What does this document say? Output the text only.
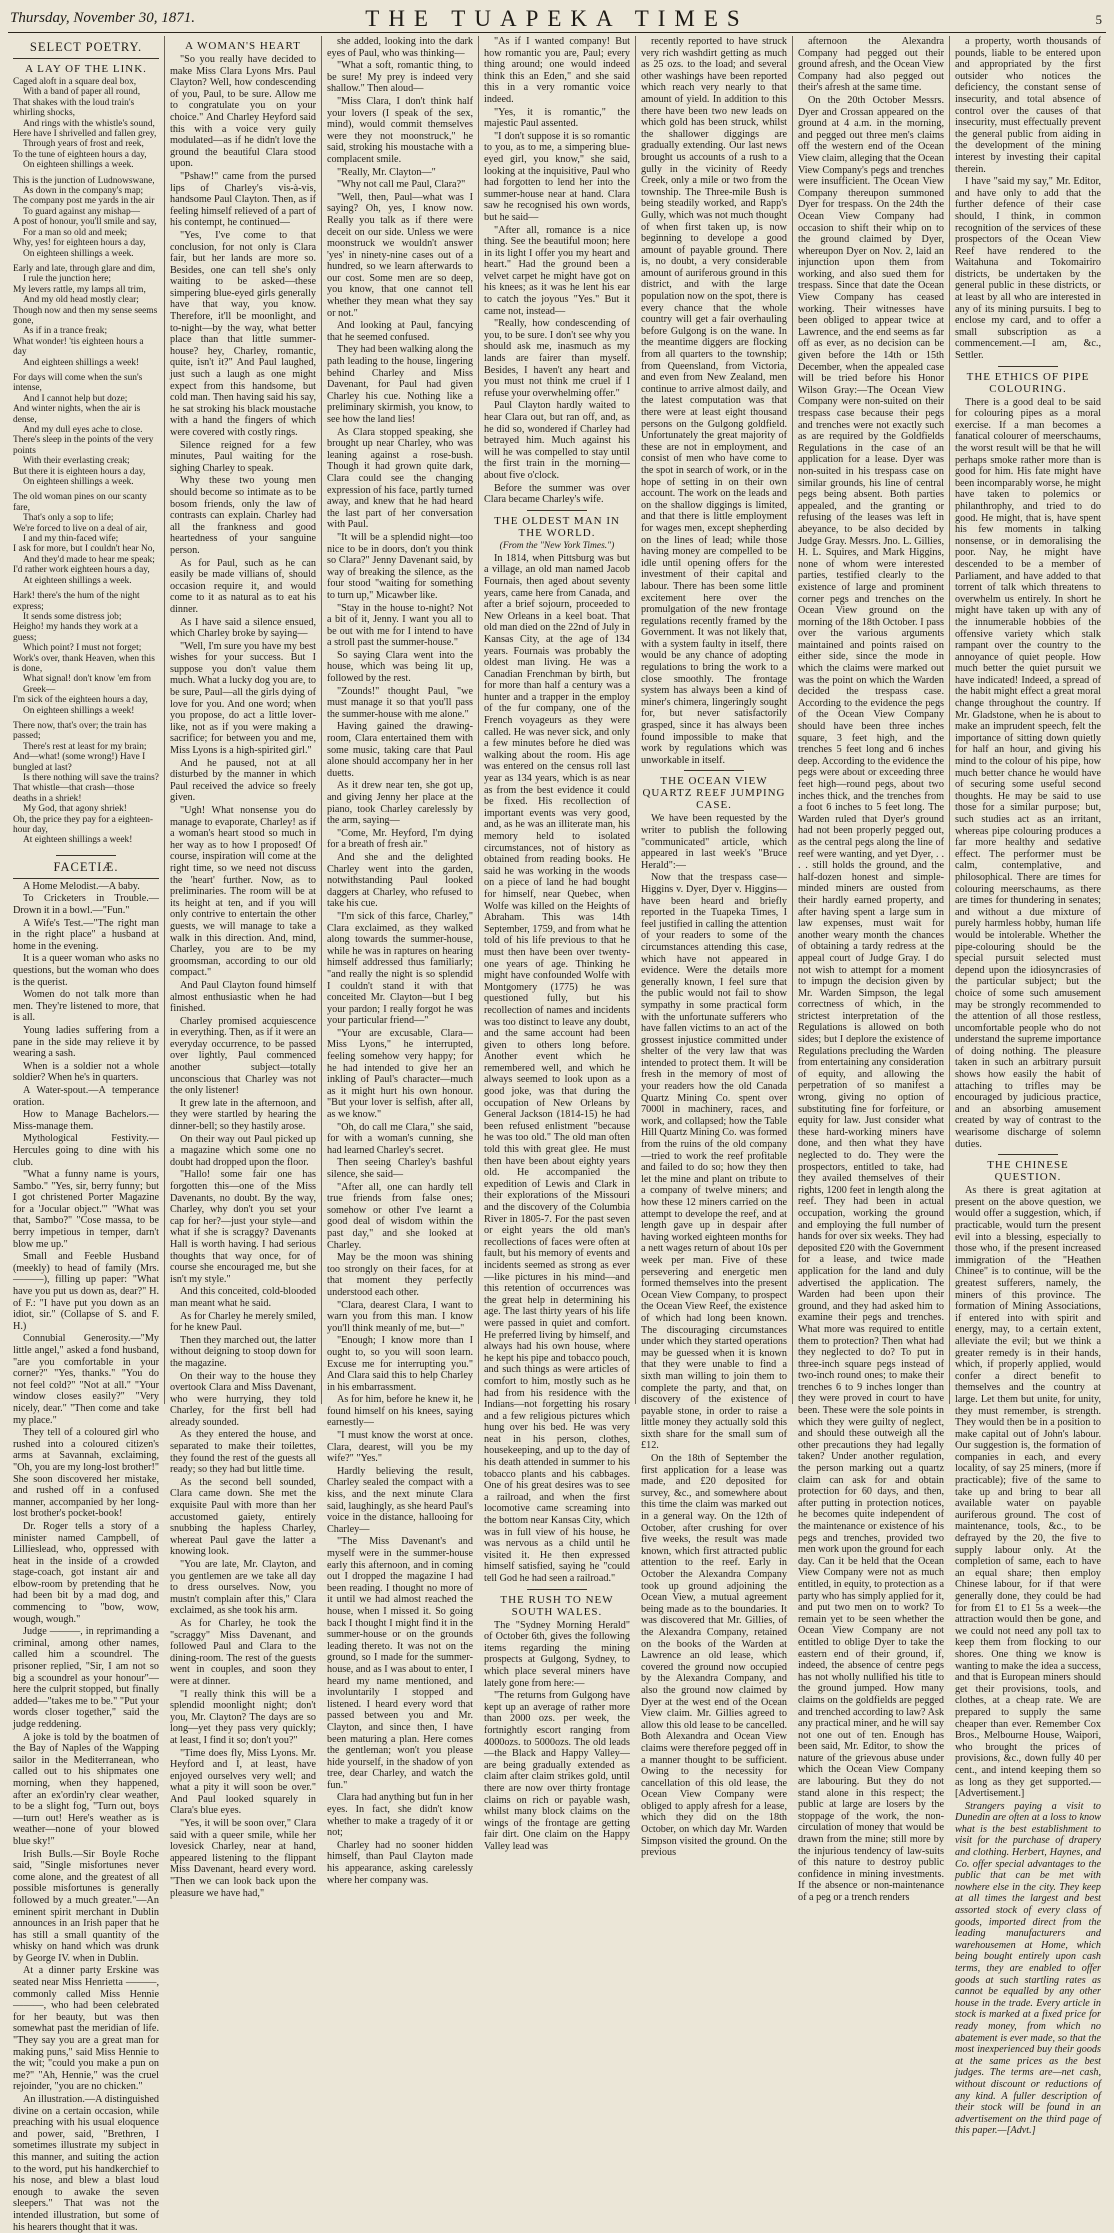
Thursday, November 30, 1871.	THE TUAPEKA TIMES	5
SELECT POETRY.
A LAY OF THE LINK.

Caged aloft in a square deal box,

With a band of paper all round,

That shakes with the loud train's whirling shocks,

And rings with the whistle's sound,

Here have I shrivelled and fallen grey,

Through years of frost and reek,

To the tune of eighteen hours a day,

On eighteen shillings a week.

This is the junction of Ludnowswane,

As down in the company's map;

The company post me yards in the air

To guard against any mishap—

A post of honour, you'll smile and say,

For a man so old and meek;

Why, yes! for eighteen hours a day,

On eighteen shillings a week.

Early and late, through glare and dim,

I rule the junction here;

My levers rattle, my lamps all trim,

And my old head mostly clear;

Though now and then my sense seems gone,

As if in a trance freak;

What wonder! 'tis eighteen hours a day

And eighteen shillings a week!

For days will come when the sun's intense,

And I cannot help but doze;

And winter nights, when the air is dense,

And my dull eyes ache to close.

There's sleep in the points of the very points

With their everlasting creak;

But there it is eighteen hours a day,

On eighteen shillings a week.

The old woman pines on our scanty fare,

That's only a sop to life;

We're forced to live on a deal of air,

I and my thin-faced wife;

I ask for more, but I couldn't hear No,

And they'd made to hear me speak;

I'd rather work eighteen hours a day,

At eighteen shillings a week.

Hark! there's the hum of the night express;

It sends some distress job;

Heigho! my hands they work at a guess;

Which point? I must not forget;

Work's over, thank Heaven, when this is done,

What signal! don't know 'em from Greek—

I'm sick of the eighteen hours a day,

On eighteen shillings a week!

There now, that's over; the train has passed;

There's rest at least for my brain;

And—what! (some wrong!) Have I bungled at last?

Is there nothing will save the trains?

That whistle—that crash—those deaths in a shriek!

My God, that agony shriek!

Oh, the price they pay for a eighteen-hour day,

At eighteen shillings a week!

FACETIÆ.

A Home Melodist.—A baby.

To Cricketers in Trouble.—Drown it in a bowl.—"Fun."

A Wife's Test.—"The right man in the right place" a husband at home in the evening.

It is a queer woman who asks no questions, but the woman who does is the querist.

Women do not talk more than men. They're listened to more, that is all.

Young ladies suffering from a pane in the side may relieve it by wearing a sash.

When is a soldier not a whole soldier? When he's in quarters.

A Water-spout.—A temperance oration.

How to Manage Bachelors.—Miss-manage them.

Mythological Festivity.—Hercules going to dine with his club.

"What a funny name is yours, Sambo." "Yes, sir, berry funny; but I got christened Porter Magazine for a 'Jocular object.'" "What was that, Sambo?" "Cose massa, to be berry impetious in temper, darn't blow me up."

Small and Feeble Husband (meekly) to head of family (Mrs. ———), filling up paper: "What have you put us down as, dear?" H. of F.: "I have put you down as an idiot, sir." (Collapse of S. and F. H.)

Connubial Generosity.—"My little angel," asked a fond husband, "are you comfortable in your corner?" "Yes, thanks." "You do not feel cold?" "Not at all." "Your window closes easily?" "Very nicely, dear." "Then come and take my place."

They tell of a coloured girl who rushed into a coloured citizen's arms at Savannah, exclaiming, "Oh, you are my long-lost brother!" She soon discovered her mistake, and rushed off in a confused manner, accompanied by her long-lost brother's pocket-book!

Dr. Roger tells a story of a minister named Campbell, of Lillieslead, who, oppressed with heat in the inside of a crowded stage-coach, got instant air and elbow-room by pretending that he had been bit by a mad dog, and commencing to "bow, wow, wough, wough."

Judge ———, in reprimanding a criminal, among other names, called him a scoundrel. The prisoner replied, "Sir, I am not so big a scoundrel as your honour"—here the culprit stopped, but finally added—"takes me to be." "Put your words closer together," said the judge reddening.

A joke is told by the boatmen of the Bay of Naples of the Wapping sailor in the Mediterranean, who called out to his shipmates one morning, when they happened, after an ex'ordin'ry clear weather, to be a slight fog, "Turn out, boys—turn out! Here's weather as is weather—none of your blowed blue sky!"

Irish Bulls.—Sir Boyle Roche said, "Single misfortunes never come alone, and the greatest of all possible misfortunes is generally followed by a much greater."—An eminent spirit merchant in Dublin announces in an Irish paper that he has still a small quantity of the whisky on hand which was drunk by George IV. when in Dublin.

At a dinner party Erskine was seated near Miss Henrietta ———, commonly called Miss Hennie ———, who had been celebrated for her beauty, but was then somewhat past the meridian of life. "They say you are a great man for making puns," said Miss Hennie to the wit; "could you make a pun on me?" "Ah, Hennie," was the cruel rejoinder, "you are no chicken."

An illustration.—A distinguished divine on a certain occasion, while preaching with his usual eloquence and power, said, "Brethren, I sometimes illustrate my subject in this manner, and suiting the action to the word, put his handkerchief to his nose, and blew a blast loud enough to awake the seven sleepers." That was not the intended illustration, but some of his hearers thought that it was.

A WOMAN'S HEART

"So you really have decided to make Miss Clara Lyons Mrs. Paul Clayton? Well, how condescending of you, Paul, to be sure. Allow me to congratulate you on your choice." And Charley Heyford said this with a voice very guily modulated—as if he didn't love the ground the beautiful Clara stood upon.

"Pshaw!" came from the pursed lips of Charley's vis-à-vis, handsome Paul Clayton. Then, as if feeling himself relieved of a part of his contempt, he continued—

"Yes, I've come to that conclusion, for not only is Clara fair, but her lands are more so. Besides, one can tell she's only waiting to be asked—these simpering blue-eyed girls generally have that way, you know. Therefore, it'll be moonlight, and to-night—by the way, what better place than that little summer-house? hey, Charley, romantic, quite, isn't it?" And Paul laughed, just such a laugh as one might expect from this handsome, but cold man. Then having said his say, he sat stroking his black moustache with a hand the fingers of which were covered with costly rings.

Silence reigned for a few minutes, Paul waiting for the sighing Charley to speak.

Why these two young men should become so intimate as to be bosom friends, only the law of contrasts can explain. Charley had all the frankness and good heartedness of your sanguine person.

As for Paul, such as he can easily be made villians of, should occasion require it, and would come to it as natural as to eat his dinner.

As I have said a silence ensued, which Charley broke by saying—

"Well, I'm sure you have my best wishes for your success. But I suppose you don't value them much. What a lucky dog you are, to be sure, Paul—all the girls dying of love for you. And one word; when you propose, do act a little lover-like, not as if you were making a sacrifice; for between you and me, Miss Lyons is a high-spirited girl."

And he paused, not at all disturbed by the manner in which Paul received the advice so freely given.

"Ugh! What nonsense you do manage to evaporate, Charley! as if a woman's heart stood so much in her way as to how I proposed! Of course, inspiration will come at the right time, so we need not discuss the 'heart' further. Now, as to preliminaries. The room will be at its height at ten, and if you will only contrive to entertain the other guests, we will manage to take a walk in this direction. And, mind, Charley, you are to be my groomsman, according to our old compact."

And Paul Clayton found himself almost enthusiastic when he had finished.

Charley promised acquiescence in everything. Then, as if it were an everyday occurrence, to be passed over lightly, Paul commenced another subject—totally unconscious that Charley was not the only listener!

It grew late in the afternoon, and they were startled by hearing the dinner-bell; so they hastily arose.

On their way out Paul picked up a magazine which some one no doubt had dropped upon the floor.

"Hallo! some fair one has forgotten this—one of the Miss Davenants, no doubt. By the way, Charley, why don't you set your cap for her?—just your style—and what if she is scraggy? Davenants Hall is worth having. I had serious thoughts that way once, for of course she encouraged me, but she isn't my style."

And this conceited, cold-blooded man meant what he said.

As for Charley he merely smiled, for he knew Paul.

Then they marched out, the latter without deigning to stoop down for the magazine.

On their way to the house they overtook Clara and Miss Davenant, who were hurrying, they told Charley, for the first bell had already sounded.

As they entered the house, and separated to make their toilettes, they found the rest of the guests all ready; so they had but little time.

As the second bell sounded, Clara came down. She met the exquisite Paul with more than her accustomed gaiety, entirely snubbing the hapless Charley, whereat Paul gave the latter a knowing look.

"You are late, Mr. Clayton, and you gentlemen are we take all day to dress ourselves. Now, you mustn't complain after this," Clara exclaimed, as she took his arm.

As for Charley, he took the "scraggy" Miss Davenant, and followed Paul and Clara to the dining-room. The rest of the guests went in couples, and soon they were at dinner.

"I really think this will be a splendid moonlight night; don't you, Mr. Clayton? The days are so long—yet they pass very quickly; at least, I find it so; don't you?"

"Time does fly, Miss Lyons. Mr. Heyford and I, at least, have enjoyed ourselves very well; and what a pity it will soon be over." And Paul looked squarely in Clara's blue eyes.

"Yes, it will be soon over," Clara said with a queer smile, while her lovesick Charley, near at hand, appeared listening to the flippant Miss Davenant, heard every word. "Then we can look back upon the pleasure we have had,"

she added, looking into the dark eyes of Paul, who was thinking—

"What a soft, romantic thing, to be sure! My prey is indeed very shallow." Then aloud—

"Miss Clara, I don't think half your lovers (I speak of the sex, mind), would commit themselves were they not moonstruck," he said, stroking his moustache with a complacent smile.

"Really, Mr. Clayton—"

"Why not call me Paul, Clara?"

"Well, then, Paul—what was I saying? Oh, yes, I know now. Really you talk as if there were deceit on our side. Unless we were moonstruck we wouldn't answer 'yes' in ninety-nine cases out of a hundred, so we learn afterwards to our cost. Some men are so deep, you know, that one cannot tell whether they mean what they say or not."

And looking at Paul, fancying that he seemed confused.

They had been walking along the path leading to the house, lingering behind Charley and Miss Davenant, for Paul had given Charley his cue. Nothing like a preliminary skirmish, you know, to see how the land lies!

As Clara stopped speaking, she brought up near Charley, who was leaning against a rose-bush. Though it had grown quite dark, Clara could see the changing expression of his face, partly turned away, and knew that he had heard the last part of her conversation with Paul.

"It will be a splendid night—too nice to be in doors, don't you think so Clara?" Jenny Davenant said, by way of breaking the silence, as the four stood "waiting for something to turn up," Micawber like.

"Stay in the house to-night? Not a bit of it, Jenny. I want you all to be out with me for I intend to have a stroll past the summer-house."

So saying Clara went into the house, which was being lit up, followed by the rest.

"Zounds!" thought Paul, "we must manage it so that you'll pass the summer-house with me alone."

Having gained the drawing-room, Clara entertained them with some music, taking care that Paul alone should accompany her in her duetts.

As it drew near ten, she got up, and giving Jenny her place at the piano, took Charley carelessly by the arm, saying—

"Come, Mr. Heyford, I'm dying for a breath of fresh air."

And she and the delighted Charley went into the garden, notwithstanding Paul looked daggers at Charley, who refused to take his cue.

"I'm sick of this farce, Charley," Clara exclaimed, as they walked along towards the summer-house, while he was in raptures on hearing himself addressed thus familiarly; "and really the night is so splendid I couldn't stand it with that conceited Mr. Clayton—but I beg your pardon; I really forgot he was your particular friend—"

"Your are excusable, Clara—Miss Lyons," he interrupted, feeling somehow very happy; for he had intended to give her an inkling of Paul's character—much as it might hurt his own honour. "But your lover is selfish, after all, as we know."

"Oh, do call me Clara," she said, for with a woman's cunning, she had learned Charley's secret.

Then seeing Charley's bashful silence, she said—

"After all, one can hardly tell true friends from false ones; somehow or other I've learnt a good deal of wisdom within the past day," and she looked at Charley.

May be the moon was shining too strongly on their faces, for at that moment they perfectly understood each other.

"Clara, dearest Clara, I want to warn you from this man. I know you'll think meanly of me, but—"

"Enough; I know more than I ought to, so you will soon learn. Excuse me for interrupting you." And Clara said this to help Charley in his embarrassment.

As for him, before he knew it, he found himself on his knees, saying earnestly—

"I must know the worst at once. Clara, dearest, will you be my wife?" "Yes."

Hardly believing the result, Charley sealed the compact with a kiss, and the next minute Clara said, laughingly, as she heard Paul's voice in the distance, hallooing for Charley—

"The Miss Davenant's and myself were in the summer-house early this afternoon, and in coming out I dropped the magazine I had been reading. I thought no more of it until we had almost reached the house, when I missed it. So going back I thought I might find it in the summer-house or on the grounds leading thereto. It was not on the ground, so I made for the summer-house, and as I was about to enter, I heard my name mentioned, and involuntarily I stopped and listened. I heard every word that passed between you and Mr. Clayton, and since then, I have been maturing a plan. Here comes the gentleman; won't you please hide yourself, in the shadow of yon tree, dear Charley, and watch the fun."

Clara had anything but fun in her eyes. In fact, she didn't know whether to make a tragedy of it or not;

Charley had no sooner hidden himself, than Paul Clayton made his appearance, asking carelessly where her company was.

"As if I wanted company! But how romantic you are, Paul; every thing around; one would indeed think this an Eden," and she said this in a very romantic voice indeed.

"Yes, it is romantic," the majestic Paul assented.

"I don't suppose it is so romantic to you, as to me, a simpering blue-eyed girl, you know," she said, looking at the inquisitive, Paul who had forgotten to lend her into the summer-house near at hand. Clara saw he recognised his own words, but he said—

"After all, romance is a nice thing. See the beautiful moon; here in its light I offer you my heart and heart." Had the ground been a velvet carpet he might have got on his knees; as it was he lent his ear to catch the joyous "Yes." But it came not, instead—

"Really, how condescending of you, to be sure. I don't see why you should ask me, inasmuch as my lands are fairer than myself. Besides, I haven't any heart and you must not think me cruel if I refuse your overwhelming offer."

Paul Clayton hardly waited to hear Clara out, but ran off, and, as he did so, wondered if Charley had betrayed him. Much against his will he was compelled to stay until the first train in the morning—about five o'clock.

Before the summer was over Clara became Charley's wife.

THE OLDEST MAN IN THE WORLD.
(From the "New York Times.")

In 1814, when Pittsburg was but a village, an old man named Jacob Fournais, then aged about seventy years, came here from Canada, and after a brief sojourn, proceeded to New Orleans in a keel boat. That old man died on the 22nd of July in Kansas City, at the age of 134 years. Fournais was probably the oldest man living. He was a Canadian Frenchman by birth, but for more than half a century was a hunter and a trapper in the employ of the fur company, one of the French voyageurs as they were called. He was never sick, and only a few minutes before he died was walking about the room. His age was entered on the census roll last year as 134 years, which is as near as from the best evidence it could be fixed. His recollection of important events was very good, and, as he was an illiterate man, his memory held to isolated circumstances, not of history as obtained from reading books. He said he was working in the woods on a piece of land he had bought for himself, near Quebec, when Wolfe was killed on the Heights of Abraham. This was 14th September, 1759, and from what he told of his life previous to that he must then have been over twenty-one years of age. Thinking he might have confounded Wolfe with Montgomery (1775) he was questioned fully, but his recollection of names and incidents was too distinct to leave any doubt, and the same account had been given to others long before. Another event which he remembered well, and which he always seemed to look upon as a good joke, was that during the occupation of New Orleans by General Jackson (1814-15) he had been refused enlistment "because he was too old." The old man often told this with great glee. He must then have been about eighty years old. He accompanied the expedition of Lewis and Clark in their explorations of the Missouri and the discovery of the Columbia River in 1805-7. For the past seven or eight years the old man's recollections of faces were often at fault, but his memory of events and incidents seemed as strong as ever—like pictures in his mind—and this retention of occurrences was the great help in determining his age. The last thirty years of his life were passed in quiet and comfort. He preferred living by himself, and always had his own house, where he kept his pipe and tobacco pouch, and such things as were articles of comfort to him, mostly such as he had from his residence with the Indians—not forgetting his rosary and a few religious pictures which hung over his bed. He was very neat in his person, clothes, housekeeping, and up to the day of his death attended in summer to his tobacco plants and his cabbages. One of his great desires was to see a railroad, and when the first locomotive came screaming into the bottom near Kansas City, which was in full view of his house, he was nervous as a child until he visited it. He then expressed himself satisfied, saying he "could tell God he had seen a railroad."

THE RUSH TO NEW SOUTH WALES.

The "Sydney Morning Herald" of October 6th, gives the following items regarding the mining prospects at Gulgong, Sydney, to which place several miners have lately gone from here:—

"The returns from Gulgong have kept up an average of rather more than 2000 ozs. per week, the fortnightly escort ranging from 4000ozs. to 5000ozs. The old leads—the Black and Happy Valley—are being gradually extended as claim after claim strikes gold, until there are now over thirty frontage claims on rich or payable wash, whilst many block claims on the wings of the frontage are getting fair dirt. One claim on the Happy Valley lead was

recently reported to have struck very rich washdirt getting as much as 25 ozs. to the load; and several other washings have been reported which reach very nearly to that amount of yield. In addition to this there have been two new leads on which gold has been struck, whilst the shallower diggings are gradually extending. Our last news brought us accounts of a rush to a gully in the vicinity of Reedy Creek, only a mile or two from the township. The Three-mile Bush is being steadily worked, and Rapp's Gully, which was not much thought of when first taken up, is now beginning to develope a good amount of payable ground. There is, no doubt, a very considerable amount of auriferous ground in this district, and with the large population now on the spot, there is every chance that the whole country will get a fair overhauling before Gulgong is on the wane. In the meantime diggers are flocking from all quarters to the township; from Queensland, from Victoria, and even from New Zealand, men continue to arrive almost daily, and the latest computation was that there were at least eight thousand persons on the Gulgong goldfield. Unfortunately the great majority of these are not in employment, and consist of men who have come to the spot in search of work, or in the hope of setting in on their own account. The work on the leads and on the shallow diggings is limited, and that there is little employment for wages men, except shepherding on the lines of lead; while those having money are compelled to be idle until opening offers for the investment of their capital and labour. There has been some little excitement here over the promulgation of the new frontage regulations recently framed by the Government. It was not likely that, with a system faulty in itself, there would be any chance of adopting regulations to bring the work to a close smoothly. The frontage system has always been a kind of miner's chimera, lingeringly sought for, but never satisfactorily grasped, since it has always been found impossible to make that work by regulations which was unworkable in itself.

THE OCEAN VIEW QUARTZ REEF JUMPING CASE.

We have been requested by the writer to publish the following "communicated" article, which appeared in last week's "Bruce Herald":—

Now that the trespass case—Higgins v. Dyer, Dyer v. Higgins—have been heard and briefly reported in the Tuapeka Times, I feel justified in calling the attention of your readers to some of the circumstances attending this case, which have not appeared in evidence. Were the details more generally known, I feel sure that the public would not fail to show sympathy in some practical form with the unfortunate sufferers who have fallen victims to an act of the grossest injustice committed under shelter of the very law that was intended to protect them. It will be fresh in the memory of most of your readers how the old Canada Quartz Mining Co. spent over 7000l in machinery, races, and work, and collapsed; how the Table Hill Quartz Mining Co. was formed from the ruins of the old company—tried to work the reef profitable and failed to do so; how they then let the mine and plant on tribute to a company of twelve miners; and how these 12 miners carried on the attempt to develope the reef, and at length gave up in despair after having worked eighteen months for a nett wages return of about 10s per week per man. Five of these persevering and energetic men formed themselves into the present Ocean View Company, to prospect the Ocean View Reef, the existence of which had long been known. The discouraging circumstances under which they started operations may be guessed when it is known that they were unable to find a sixth man willing to join them to complete the party, and that, on discovery of the existence of payable stone, in order to raise a little money they actually sold this sixth share for the small sum of £12.

On the 18th of September the first application for a lease was made, and £20 deposited for survey, &c., and somewhere about this time the claim was marked out in a general way. On the 12th of October, after crushing for over five weeks, the result was made known, which first attracted public attention to the reef. Early in October the Alexandra Company took up ground adjoining the Ocean View, a mutual agreement being made as to the boundaries. It was discovered that Mr. Gillies, of the Alexandra Company, retained on the books of the Warden at Lawrence an old lease, which covered the ground now occupied by the Alexandra Company, and also the ground now claimed by Dyer at the west end of the Ocean View claim. Mr. Gillies agreed to allow this old lease to be cancelled. Both Alexandra and Ocean View claims were therefore pegged off in a manner thought to be sufficient. Owing to the necessity for cancellation of this old lease, the Ocean View Company were obliged to apply afresh for a lease, which they did on the 18th October, on which day Mr. Warden Simpson visited the ground. On the previous

afternoon the Alexandra Company had pegged out their ground afresh, and the Ocean View Company had also pegged out their's afresh at the same time.

On the 20th October Messrs. Dyer and Crossan appeared on the ground at 4 a.m. in the morning, and pegged out three men's claims off the western end of the Ocean View claim, alleging that the Ocean View Company's pegs and trenches were insufficient. The Ocean View Company thereupon summoned Dyer for trespass. On the 24th the Ocean View Company had occasion to shift their whip on to the ground claimed by Dyer, whereupon Dyer on Nov. 2, laid an injunction upon them from working, and also sued them for trespass. Since that date the Ocean View Company has ceased working. Their witnesses have been obliged to appear twice at Lawrence, and the end seems as far off as ever, as no decision can be given before the 14th or 15th December, when the appealed case will be tried before his Honor Wilson Gray:—The Ocean View Company were non-suited on their trespass case because their pegs and trenches were not exactly such as are required by the Goldfields Regulations in the case of an application for a lease. Dyer was non-suited in his trespass case on similar grounds, his line of central pegs being absent. Both parties appealed, and the granting or refusing of the leases was left in abeyance, to be also decided by Judge Gray. Messrs. Jno. L. Gillies, H. L. Squires, and Mark Higgins, none of whom were interested parties, testified clearly to the existence of large and prominent corner pegs and trenches on the Ocean View ground on the morning of the 18th October. I pass over the various arguments maintained and points raised on either side, since the mode in which the claims were marked out was the point on which the Warden decided the trespass case. According to the evidence the pegs of the Ocean View Company should have been three inches square, 3 feet high, and the trenches 5 feet long and 6 inches deep. According to the evidence the pegs were about or exceeding three feet high—round pegs, about two inches thick, and the trenches from a foot 6 inches to 5 feet long. The Warden ruled that Dyer's ground had not been properly pegged out, as the central pegs along the line of reef were wanting, and yet Dyer, . . . . still holds the ground, and the half-dozen honest and simple-minded miners are ousted from their hardly earned property, and after having spent a large sum in law expenses, must wait for another weary month the chances of obtaining a tardy redress at the appeal court of Judge Gray. I do not wish to attempt for a moment to impugn the decision given by Mr. Warden Simpson, the legal correctness of which, in the strictest interpretation of the Regulations is allowed on both sides; but I deplore the existence of Regulations precluding the Warden from entertaining any consideration of equity, and allowing the perpetration of so manifest a wrong, giving no option of substituting fine for forfeiture, or equity for law. Just consider what these hard-working miners have done, and then what they have neglected to do. They were the prospectors, entitled to take, had they availed themselves of their rights, 1200 feet in length along the reef. They had been in actual occupation, working the ground and employing the full number of hands for over six weeks. They had deposited £20 with the Government for a lease, and twice made application for the land and duly advertised the application. The Warden had been upon their ground, and they had asked him to examine their pegs and trenches. What more was required to entitle them to protection? Then what had they neglected to do? To put in three-inch square pegs instead of two-inch round ones; to make their trenches 6 to 9 inches longer than they were proved in court to have been. These were the sole points in which they were guilty of neglect, and should these outweigh all the other precautions they had legally taken? Under another regulation, the person marking out a quartz claim can ask for and obtain protection for 60 days, and then, after putting in protection notices, he becomes quite independent of the maintenance or existence of his pegs and trenches, provided two men work upon the ground for each day. Can it be held that the Ocean View Company were not as much entitled, in equity, to protection as a party who has simply applied for it, and put two men on to work? To remain yet to be seen whether the Ocean View Company are not entitled to oblige Dyer to take the eastern end of their ground, if, indeed, the absence of centre pegs has not wholly nullified his title to the ground jumped. How many claims on the goldfields are pegged and trenched according to law? Ask any practical miner, and he will say not one out of ten. Enough has been said, Mr. Editor, to show the nature of the grievous abuse under which the Ocean View Company are labouring. But they do not stand alone in this respect; the public at large are losers by the stoppage of the work, the non-circulation of money that would be drawn from the mine; still more by the injurious tendency of law-suits of this nature to destroy public confidence in mining investments. If the absence or non-maintenance of a peg or a trench renders

a property, worth thousands of pounds, liable to be entered upon and appropriated by the first outsider who notices the deficiency, the constant sense of insecurity, and total absence of control over the causes of that insecurity, must effectually prevent the general public from aiding in the development of the mining interest by investing their capital therein.

I have "said my say," Mr. Editor, and have only to add that the further defence of their case should, I think, in common recognition of the services of these prospectors of the Ocean View Reef have rendered to the Waitahuna and Tokomairiro districts, be undertaken by the general public in these districts, or at least by all who are interested in any of its mining pursuits. I beg to enclose my card, and to offer a small subscription as a commencement.—I am, &c., Settler.

THE ETHICS OF PIPE COLOURING.

There is a good deal to be said for colouring pipes as a moral exercise. If a man becomes a fanatical colourer of meerschaums, the worst result will be that he will perhaps smoke rather more than is good for him. His fate might have been incomparably worse, he might have taken to polemics or philanthrophy, and tried to do good. He might, that is, have spent his few moments in talking nonsense, or in demoralising the poor. Nay, he might have descended to be a member of Parliament, and have added to that torrent of talk which threatens to overwhelm us entirely. In short he might have taken up with any of the innumerable hobbies of the offensive variety which stalk rampant over the country to the annoyance of quiet people. How much better the quiet pursuit we have indicated! Indeed, a spread of the habit might effect a great moral change throughout the country. If Mr. Gladstone, when he is about to make an imprudent speech, felt the importance of sitting down quietly for half an hour, and giving his mind to the colour of his pipe, how much better chance he would have of securing some useful second thoughts. He may be said to use those for a similar purpose; but, such studies act as an irritant, whereas pipe colouring produces a far more healthy and sedative effect. The performer must be calm, contemplative, and philosophical. There are times for colouring meerschaums, as there are times for thundering in senates; and without a due mixture of purely harmless hobby, human life would be intolerable. Whether the pipe-colouring should be the special pursuit selected must depend upon the idiosyncrasies of the particular subject; but the choice of some such amusement may be strongly recommended to the attention of all those restless, uncomfortable people who do not understand the supreme importance of doing nothing. The pleasure taken in such an arbitrary pursuit shows how easily the habit of attaching to trifles may be encouraged by judicious practice, and an absorbing amusement created by way of contrast to the wearisome discharge of solemn duties.

THE CHINESE QUESTION.

As there is great agitation at present on the above question, we would offer a suggestion, which, if practicable, would turn the present evil into a blessing, especially to those who, if the present increased immigration of the "Heathen Chinee" is to continue, will be the greatest sufferers, namely, the miners of this province. The formation of Mining Associations, if entered into with spirit and energy, may, to a certain extent, alleviate the evil; but we think a greater remedy is in their hands, which, if properly applied, would confer a direct benefit to themselves and the country at large. Let them but unite, for unity, they must remember, is strength. They would then be in a position to make capital out of John's labour. Our suggestion is, the formation of companies in each, and every locality, of say 25 miners, (more if practicable); five of the same to take up and bring to bear all available water on payable auriferous ground. The cost of maintenance, tools, &c., to be defrayed by the 20, the five to supply labour only. At the completion of same, each to have an equal share; then employ Chinese labour, for if that were generally done, they could be had for from £1 to £1 5s a week—the attraction would then be gone, and we could not need any poll tax to keep them from flocking to our shores. One thing we know is wanting to make the idea a success, and that is European miners should get their provisions, tools, and clothes, at a cheap rate. We are prepared to supply the same cheaper than ever. Remember Cox Bros., Melbourne House, Waipori, who brought the prices of provisions, &c., down fully 40 per cent., and intend keeping them so as long as they get supported.—[Advertisement.]

Strangers paying a visit to Dunedin are often at a loss to know what is the best establishment to visit for the purchase of drapery and clothing. Herbert, Haynes, and Co. offer special advantages to the public that can be met with nowhere else in the city. They keep at all times the largest and best assorted stock of every class of goods, imported direct from the leading manufacturers and warehousemen at Home, which being bought entirely upon cash terms, they are enabled to offer goods at such startling rates as cannot be equalled by any other house in the trade. Every article in stock is marked at a fixed price for ready money, from which no abatement is ever made, so that the most inexperienced buy their goods at the same prices as the best judges. The terms are—net cash, without discount or reductions of any kind. A fuller description of their stock will be found in an advertisement on the third page of this paper.—[Advt.]
